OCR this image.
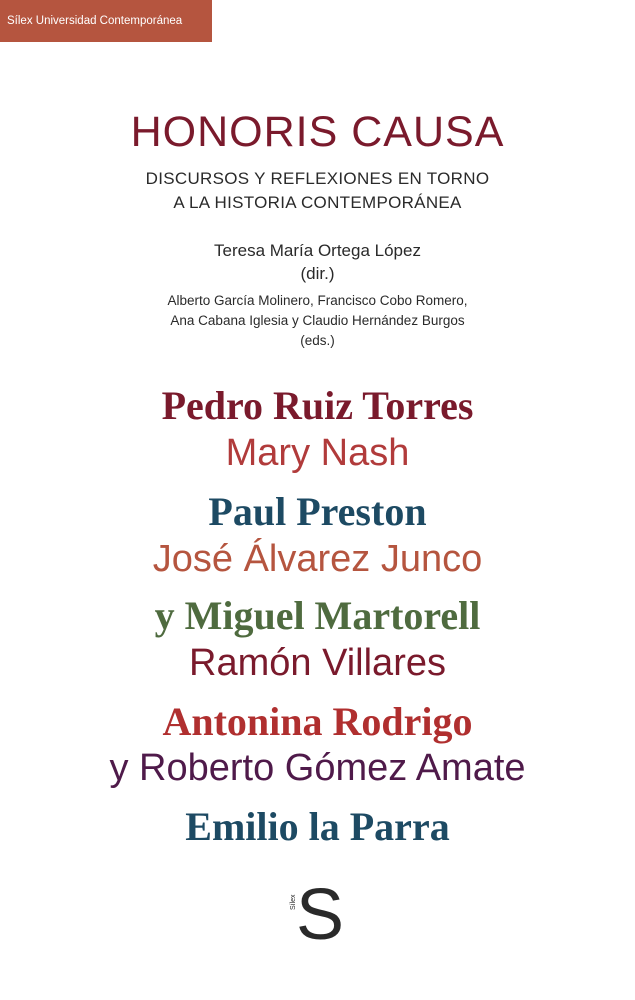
Sílex Universidad Contemporánea
HONORIS CAUSA
DISCURSOS Y REFLEXIONES EN TORNO
A LA HISTORIA CONTEMPORÁNEA
Teresa María Ortega López
(dir.)
Alberto García Molinero, Francisco Cobo Romero,
Ana Cabana Iglesia y Claudio Hernández Burgos
(eds.)
Pedro Ruiz Torres
Mary Nash
Paul Preston
José Álvarez Junco
y Miguel Martorell
Ramón Villares
Antonina Rodrigo
y Roberto Gómez Amate
Emilio la Parra
S
Sílex
